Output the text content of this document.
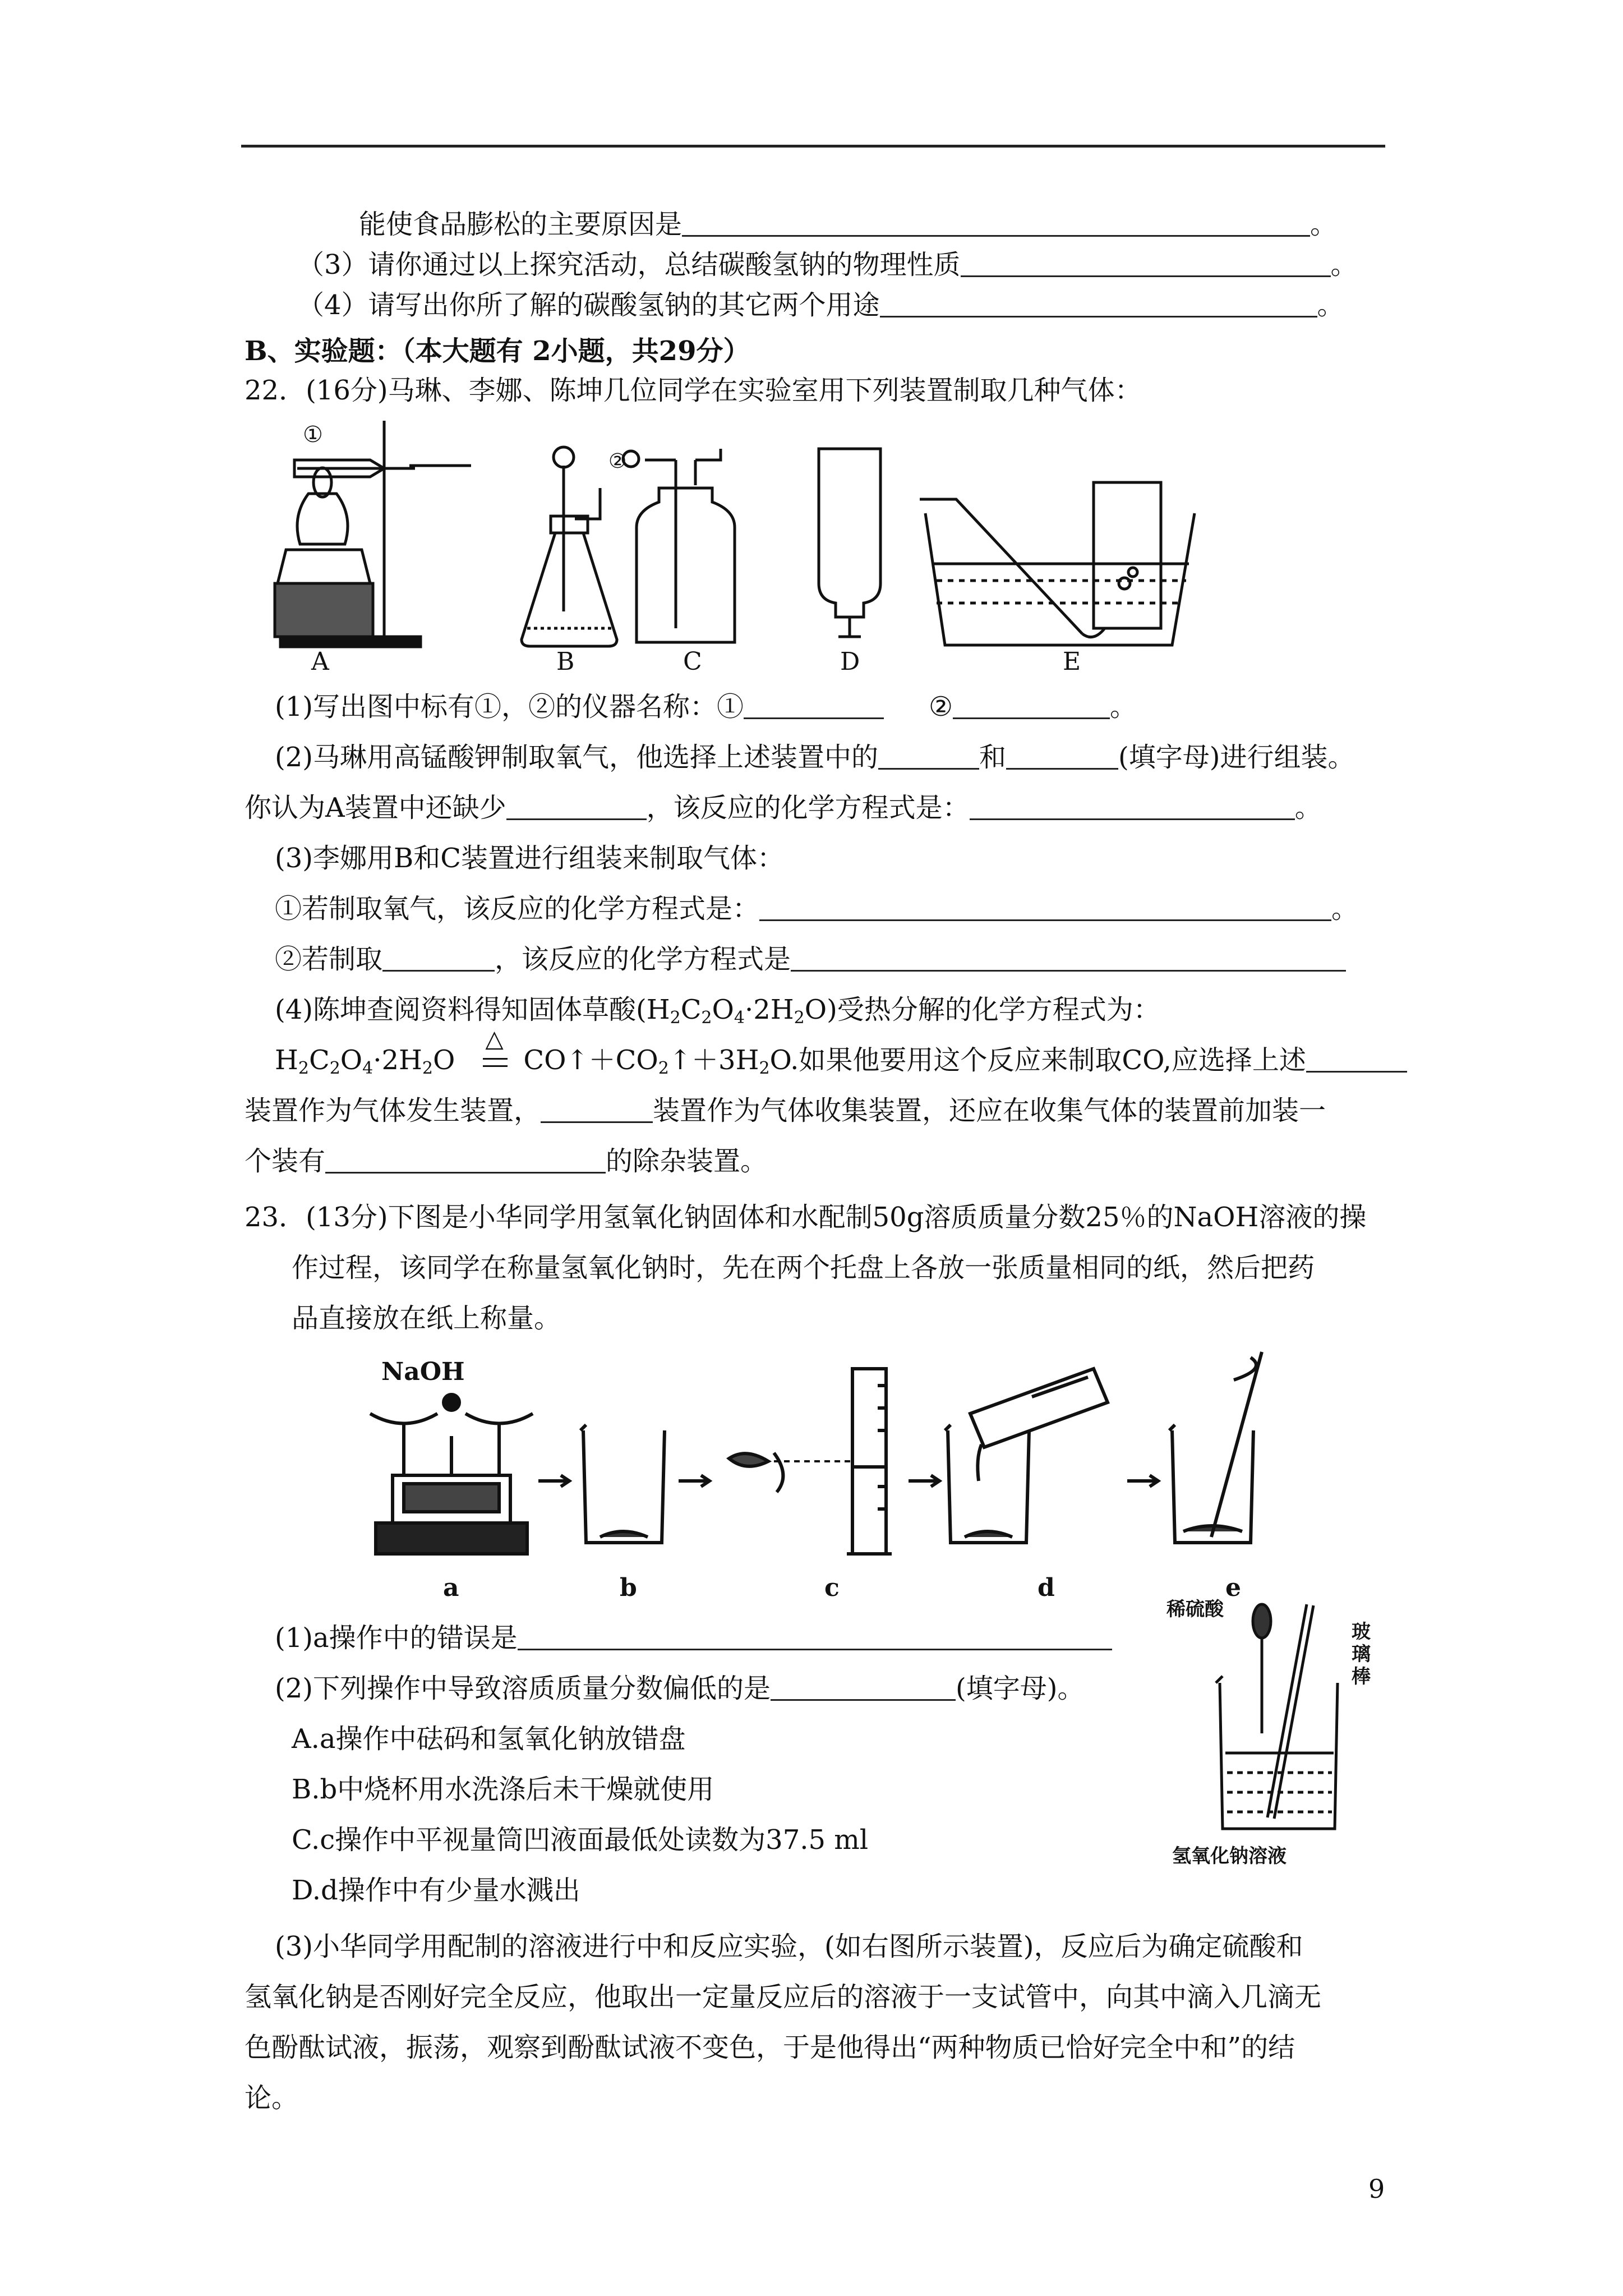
能使食品膨松的主要原因是	。
（3）请你通过以上探究活动，总结碳酸氢钠的物理性质	。
（4）请写出你所了解的碳酸氢钠的其它两个用途	。
B、实验题：（本大题有 2小题，共29分）
22．(16分)马琳、李娜、陈坤几位同学在实验室用下列装置制取几种气体：
A	B	C	D	E
①
②
(1)写出图中标有①，②的仪器名称：①	②	。
(2)马琳用高锰酸钾制取氧气，他选择上述装置中的	和	(填字母)进行组装。
你认为A装置中还缺少	，该反应的化学方程式是：	。
(3)李娜用B和C装置进行组装来制取气体：
①若制取氧气，该反应的化学方程式是：	。
②若制取	，该反应的化学方程式是
(4)陈坤查阅资料得知固体草酸$(H_2C_2O_4\cdot 2H_2O)$受热分解的化学方程式为：
$H_2C_2O_4\cdot 2H_2O$
△
$CO↑+CO_2↑+3H_2O$.如果他要用这个反应来制取CO,应选择上述
装置作为气体发生装置，	装置作为气体收集装置，还应在收集气体的装置前加装一
个装有	的除杂装置。
23．(13分)下图是小华同学用氢氧化钠固体和水配制50g溶质质量分数25％的NaOH溶液的操
作过程，该同学在称量氢氧化钠时，先在两个托盘上各放一张质量相同的纸，然后把药
品直接放在纸上称量。
NaOH
a	b	c	d	e
(1)a操作中的错误是
(2)下列操作中导致溶质质量分数偏低的是	(填字母)。
A.a操作中砝码和氢氧化钠放错盘
B.b中烧杯用水洗涤后未干燥就使用
C.c操作中平视量筒凹液面最低处读数为37.5 ml
D.d操作中有少量水溅出
稀硫酸
玻
璃
棒
氢氧化钠溶液
(3)小华同学用配制的溶液进行中和反应实验，(如右图所示装置)，反应后为确定硫酸和
氢氧化钠是否刚好完全反应，他取出一定量反应后的溶液于一支试管中，向其中滴入几滴无
色酚酞试液，振荡，观察到酚酞试液不变色，于是他得出“两种物质已恰好完全中和”的结
论。
9
